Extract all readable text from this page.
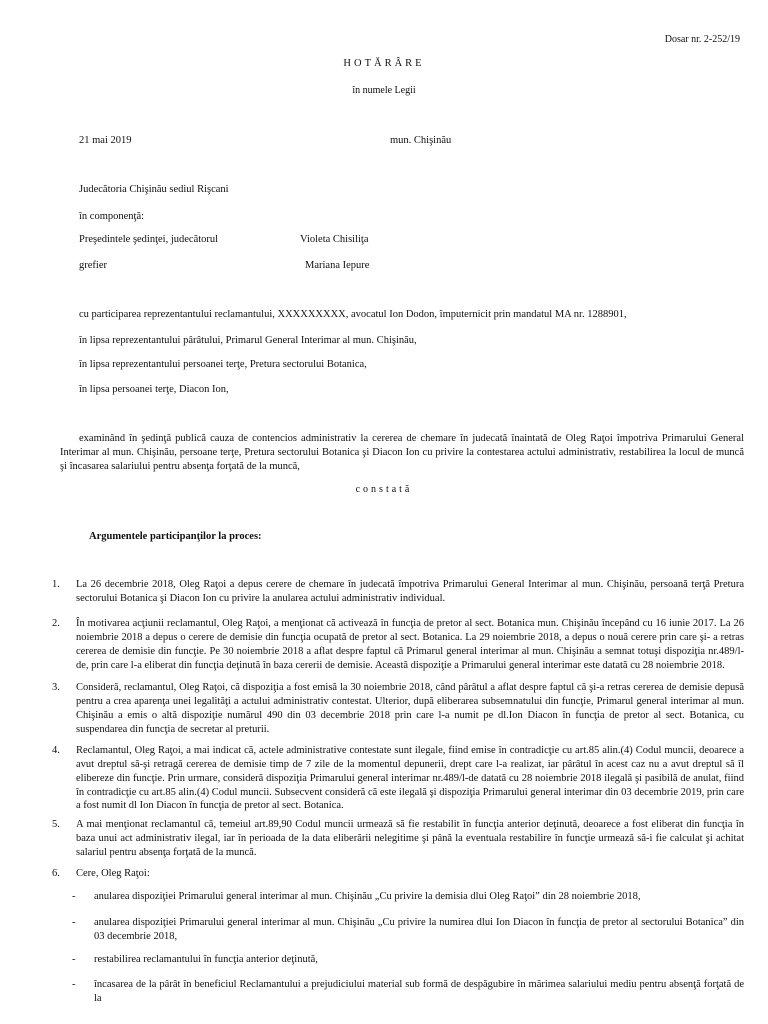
Dosar nr. 2-252/19
HOTĂRÂRE
în numele Legii
21 mai 2019	mun. Chişinău
Judecătoria Chişinău sediul Rişcani
în componenţă:
Preşedintele şedinţei, judecătorul	Violeta Chisiliţa
grefier	Mariana Iepure
cu participarea reprezentantului reclamantului, XXXXXXXXX, avocatul Ion Dodon, împuternicit prin mandatul MA nr. 1288901,
în lipsa reprezentantului pârâtului, Primarul General Interimar al mun. Chişinău,
în lipsa reprezentantului persoanei terţe, Pretura sectorului Botanica,
în lipsa persoanei terţe, Diacon Ion,
examinând în şedinţă publică cauza de contencios administrativ la cererea de chemare în judecată înaintată de Oleg Raţoi împotriva Primarului General Interimar al mun. Chişinău, persoane terţe, Pretura sectorului Botanica şi Diacon Ion cu privire la contestarea actului administrativ, restabilirea la locul de muncă şi încasarea salariului pentru absenţa forţată de la muncă,
constată
Argumentele participanţilor la proces:
1. La 26 decembrie 2018, Oleg Raţoi a depus cerere de chemare în judecată împotriva Primarului General Interimar al mun. Chişinău, persoană terţă Pretura sectorului Botanica şi Diacon Ion cu privire la anularea actului administrativ individual.
2. În motivarea acţiunii reclamantul, Oleg Raţoi, a menţionat că activează în funcţia de pretor al sect. Botanica mun. Chişinău începând cu 16 iunie 2017. La 26 noiembrie 2018 a depus o cerere de demisie din funcţia ocupată de pretor al sect. Botanica. La 29 noiembrie 2018, a depus o nouă cerere prin care şi- a retras cererea de demisie din funcţie. Pe 30 noiembrie 2018 a aflat despre faptul că Primarul general interimar al mun. Chişinău a semnat totuşi dispoziţia nr.489/l-de, prin care l-a eliberat din funcţia deţinută în baza cererii de demisie. Această dispoziţie a Primarului general interimar este datată cu 28 noiembrie 2018.
3. Consideră, reclamantul, Oleg Raţoi, că dispoziţia a fost emisă la 30 noiembrie 2018, când pârâtul a aflat despre faptul că şi-a retras cererea de demisie depusă pentru a crea aparenţa unei legalităţi a actului administrativ contestat. Ulterior, după eliberarea subsemnatului din funcţie, Primarul general interimar al mun. Chişinău a emis o altă dispoziţie numărul 490 din 03 decembrie 2018 prin care l-a numit pe dl.Ion Diacon în funcţia de pretor al sect. Botanica, cu suspendarea din funcţia de secretar al preturii.
4. Reclamantul, Oleg Raţoi, a mai indicat că, actele administrative contestate sunt ilegale, fiind emise în contradicţie cu art.85 alin.(4) Codul muncii, deoarece a avut dreptul să-şi retragă cererea de demisie timp de 7 zile de la momentul depunerii, drept care l-a realizat, iar pârâtul în acest caz nu a avut dreptul să îl elibereze din funcţie. Prin urmare, consideră dispoziţia Primarului general interimar nr.489/l-de datată cu 28 noiembrie 2018 ilegală şi pasibilă de anulat, fiind în contradicţie cu art.85 alin.(4) Codul muncii. Subsecvent consideră că este ilegală şi dispoziţia Primarului general interimar din 03 decembrie 2019, prin care a fost numit dl Ion Diacon în funcţia de pretor al sect. Botanica.
5. A mai menţionat reclamantul că, temeiul art.89,90 Codul muncii urmează să fie restabilit în funcţia anterior deţinută, deoarece a fost eliberat din funcţia în baza unui act administrativ ilegal, iar în perioada de la data eliberării nelegitime şi până la eventuala restabilire în funcţie urmează să-i fie calculat şi achitat salariul pentru absenţa forţată de la muncă.
6. Cere, Oleg Raţoi:
- anularea dispoziţiei Primarului general interimar al mun. Chişinău „Cu privire la demisia dlui Oleg Raţoi” din 28 noiembrie 2018,
- anularea dispoziţiei Primarului general interimar al mun. Chişinău „Cu privire la numirea dlui Ion Diacon în funcţia de pretor al sectorului Botanica” din 03 decembrie 2018,
- restabilirea reclamantului în funcţia anterior deţinută,
- încasarea de la pârât în beneficiul Reclamantului a prejudiciului material sub formă de despăgubire în mărimea salariului mediu pentru absenţă forţată de la
